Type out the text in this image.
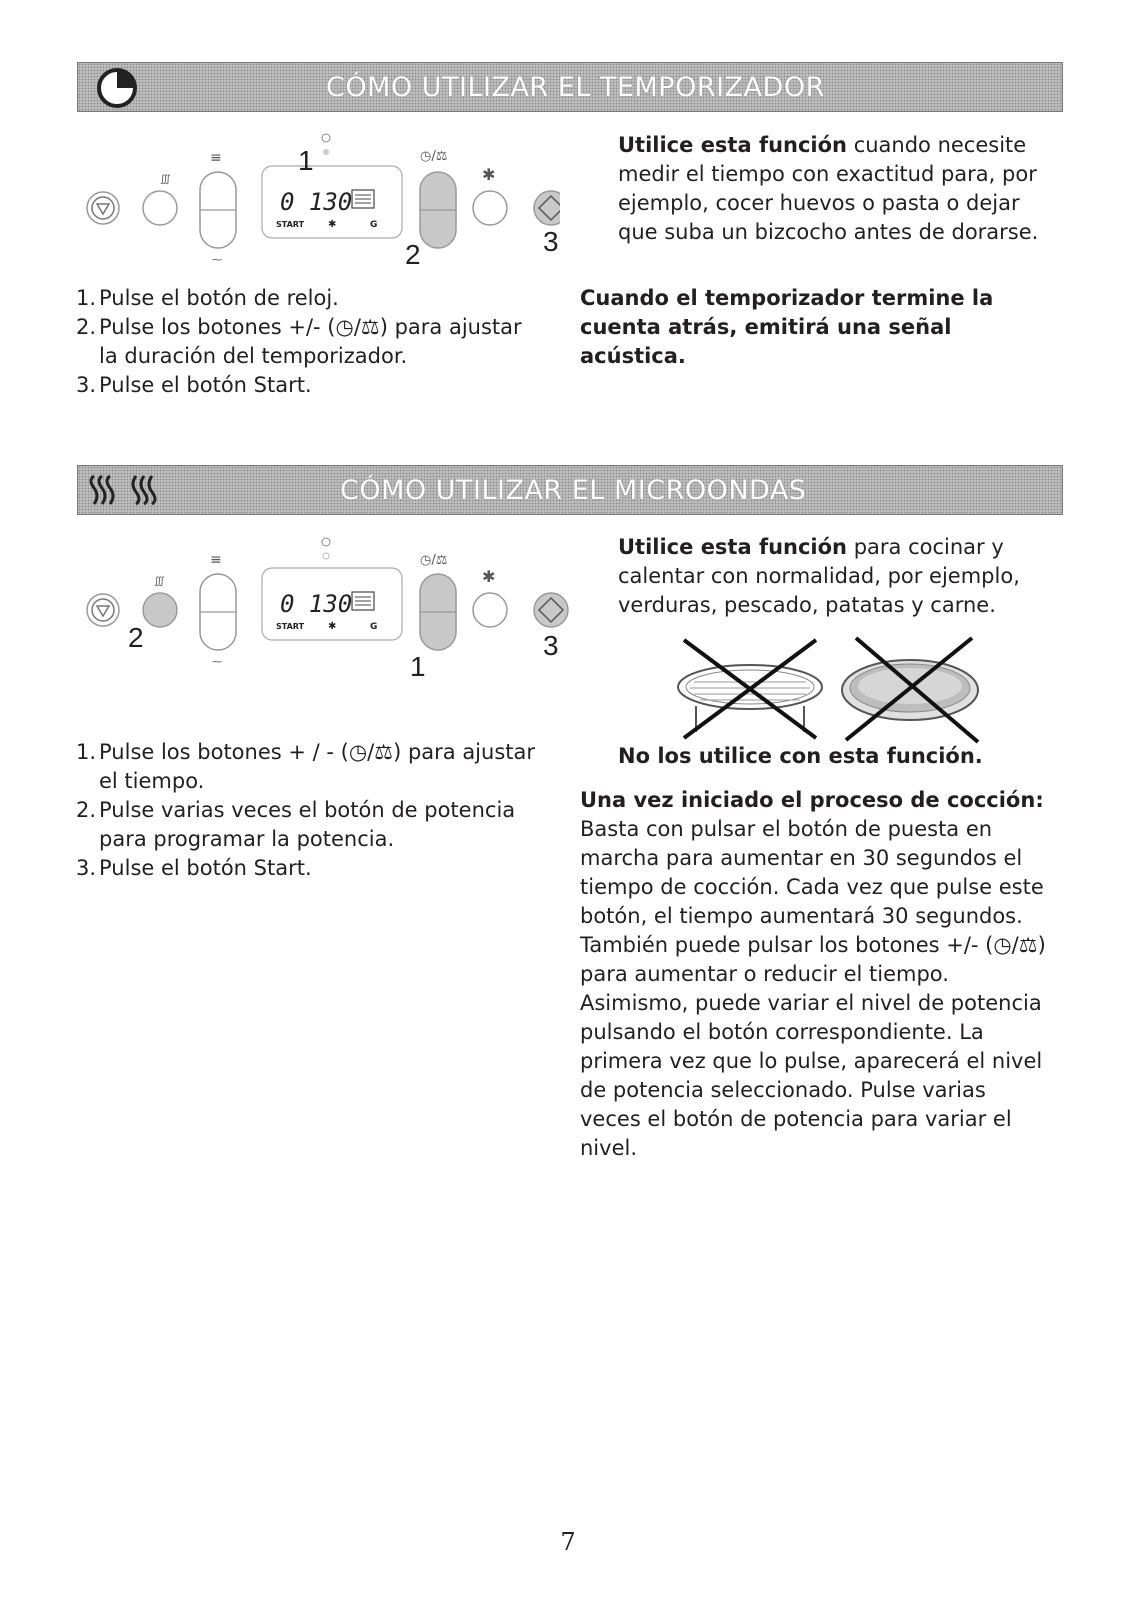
CÓMO UTILIZAR EL TEMPORIZADOR
∭
≡
⁓
0 130
START ✱	G
1	◷/⚖
2
✱
3
1. Pulse el botón de reloj.
2. Pulse los botones +/- (◷/⚖) para ajustar la duración del temporizador.
3. Pulse el botón Start.
Utilice esta función cuando necesite medir el tiempo con exactitud para, por ejemplo, cocer huevos o pasta o dejar que suba un bizcocho antes de dorarse.
Cuando el temporizador termine la cuenta atrás, emitirá una señal acústica.
CÓMO UTILIZAR EL MICROONDAS
∭
2
≡
⁓
0 130
START ✱	G
◷/⚖
1
✱
3
1. Pulse los botones + / - (◷/⚖) para ajustar el tiempo.
2. Pulse varias veces el botón de potencia para programar la potencia.
3. Pulse el botón Start.
Utilice esta función para cocinar y calentar con normalidad, por ejemplo, verduras, pescado, patatas y carne.
No los utilice con esta función.
Una vez iniciado el proceso de cocción:
Basta con pulsar el botón de puesta en marcha para aumentar en 30 segundos el tiempo de cocción. Cada vez que pulse este botón, el tiempo aumentará 30 segundos. También puede pulsar los botones +/- (◷/⚖) para aumentar o reducir el tiempo. Asimismo, puede variar el nivel de potencia pulsando el botón correspondiente. La primera vez que lo pulse, aparecerá el nivel de potencia seleccionado. Pulse varias veces el botón de potencia para variar el nivel.
7
